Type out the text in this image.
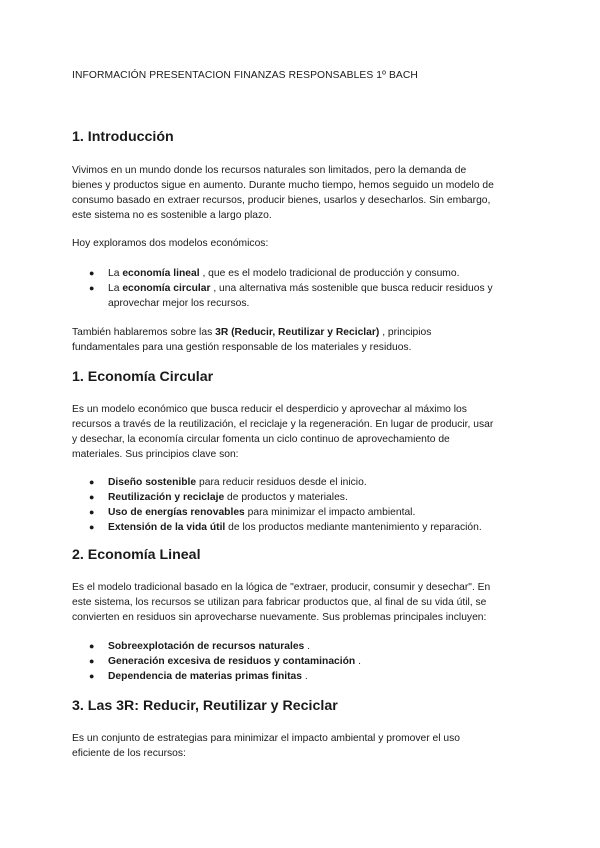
INFORMACIÓN PRESENTACION FINANZAS RESPONSABLES 1º BACH
1. Introducción

Vivimos en un mundo donde los recursos naturales son limitados, pero la demanda de
bienes y productos sigue en aumento. Durante mucho tiempo, hemos seguido un modelo de
consumo basado en extraer recursos, producir bienes, usarlos y desecharlos. Sin embargo,
este sistema no es sostenible a largo plazo.

Hoy exploramos dos modelos económicos:

● La economía lineal , que es el modelo tradicional de producción y consumo.
● La economía circular , una alternativa más sostenible que busca reducir residuos y
aprovechar mejor los recursos.

También hablaremos sobre las 3R (Reducir, Reutilizar y Reciclar) , principios
fundamentales para una gestión responsable de los materiales y residuos.

1. Economía Circular

Es un modelo económico que busca reducir el desperdicio y aprovechar al máximo los
recursos a través de la reutilización, el reciclaje y la regeneración. En lugar de producir, usar
y desechar, la economía circular fomenta un ciclo continuo de aprovechamiento de
materiales. Sus principios clave son:

● Diseño sostenible para reducir residuos desde el inicio.
● Reutilización y reciclaje de productos y materiales.
● Uso de energías renovables para minimizar el impacto ambiental.
● Extensión de la vida útil de los productos mediante mantenimiento y reparación.
2. Economía Lineal

Es el modelo tradicional basado en la lógica de "extraer, producir, consumir y desechar". En
este sistema, los recursos se utilizan para fabricar productos que, al final de su vida útil, se
convierten en residuos sin aprovecharse nuevamente. Sus problemas principales incluyen:

● Sobreexplotación de recursos naturales .
● Generación excesiva de residuos y contaminación .
● Dependencia de materias primas finitas .
3. Las 3R: Reducir, Reutilizar y Reciclar

Es un conjunto de estrategias para minimizar el impacto ambiental y promover el uso
eficiente de los recursos:
